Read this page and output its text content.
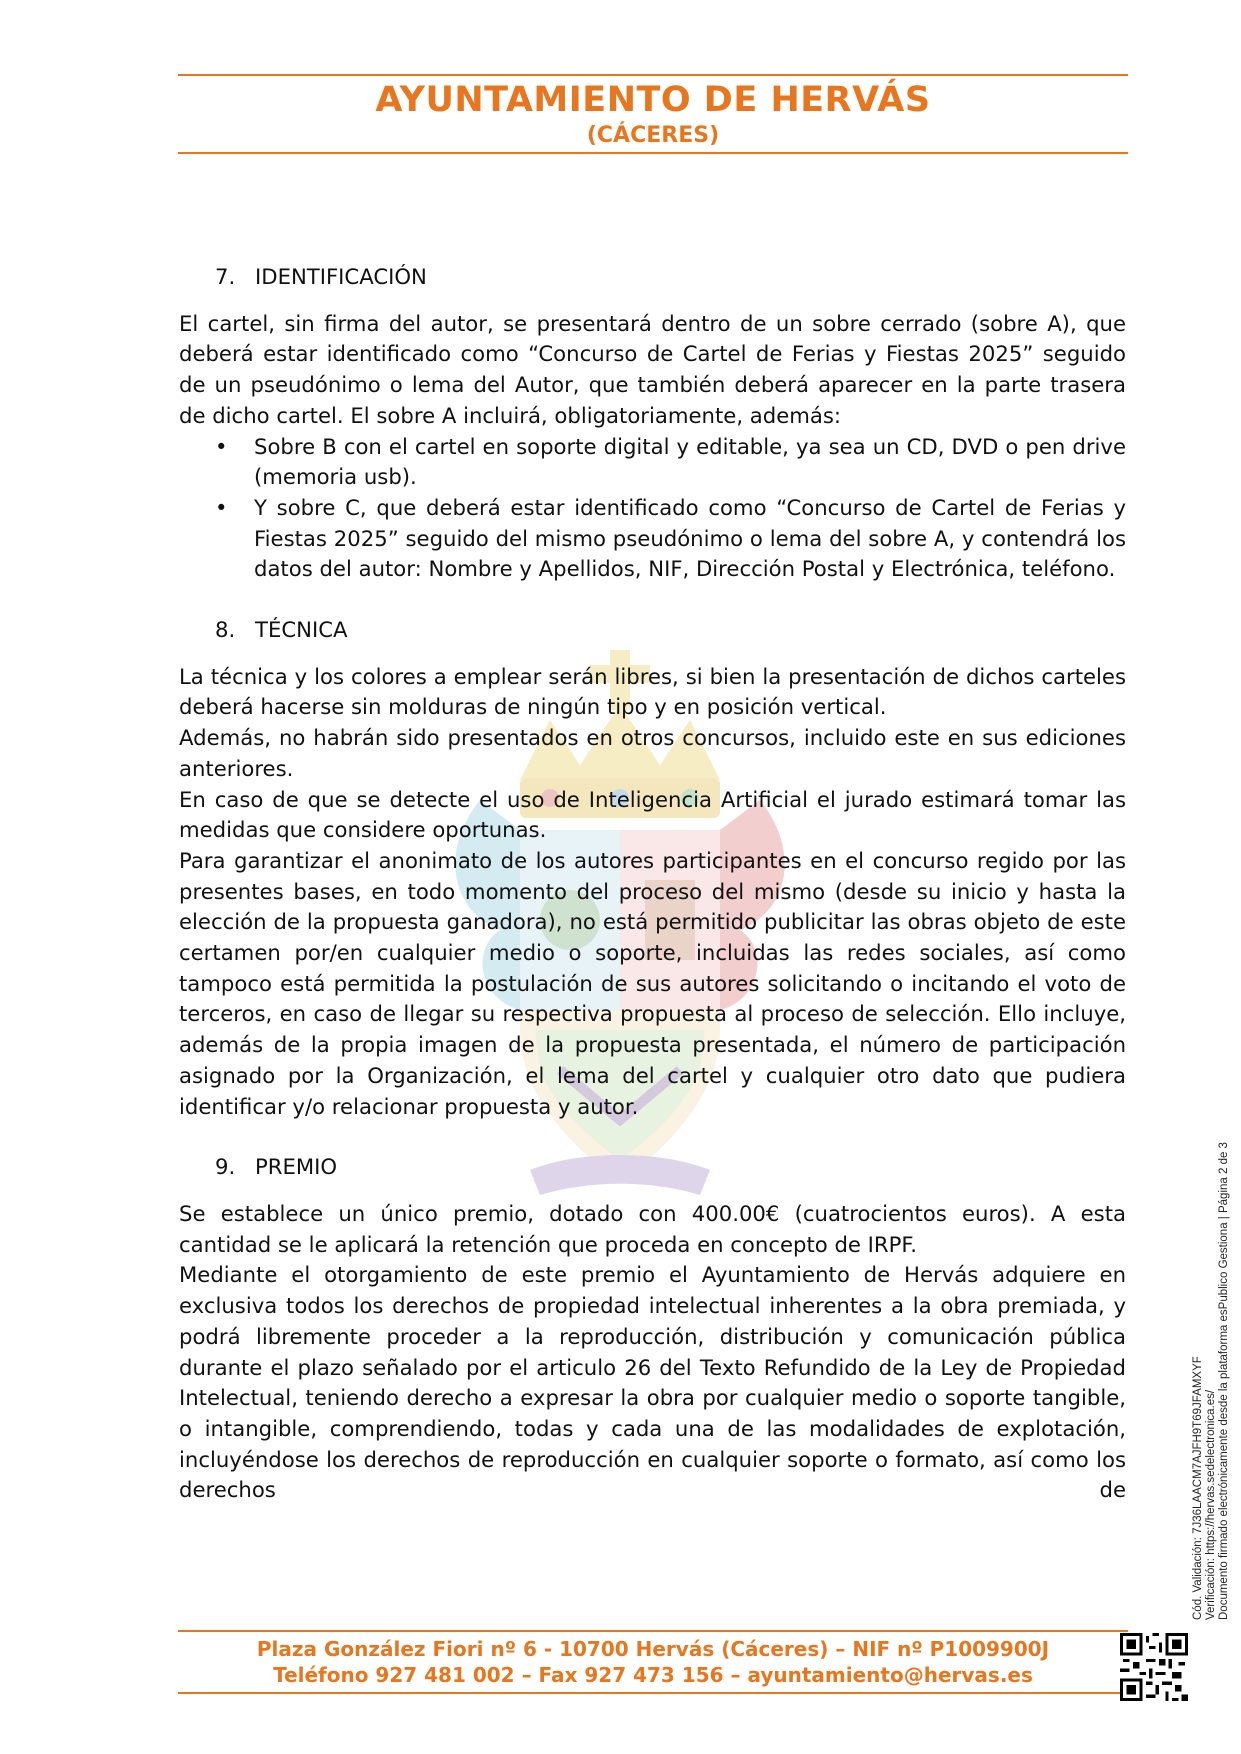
AYUNTAMIENTO DE HERVÁS
(CÁCERES)
7. IDENTIFICACIÓN

El cartel, sin firma del autor, se presentará dentro de un sobre cerrado (sobre A), que deberá estar identificado como “Concurso de Cartel de Ferias y Fiestas 2025” seguido de un pseudónimo o lema del Autor, que también deberá aparecer en la parte trasera de dicho cartel. El sobre A incluirá, obligatoriamente, además:

• Sobre B con el cartel en soporte digital y editable, ya sea un CD, DVD o pen drive (memoria usb).
• Y sobre C, que deberá estar identificado como “Concurso de Cartel de Ferias y Fiestas 2025” seguido del mismo pseudónimo o lema del sobre A, y contendrá los datos del autor: Nombre y Apellidos, NIF, Dirección Postal y Electrónica, teléfono.
8. TÉCNICA

La técnica y los colores a emplear serán libres, si bien la presentación de dichos carteles deberá hacerse sin molduras de ningún tipo y en posición vertical.

Además, no habrán sido presentados en otros concursos, incluido este en sus ediciones anteriores.

En caso de que se detecte el uso de Inteligencia Artificial el jurado estimará tomar las medidas que considere oportunas.

Para garantizar el anonimato de los autores participantes en el concurso regido por las presentes bases, en todo momento del proceso del mismo (desde su inicio y hasta la elección de la propuesta ganadora), no está permitido publicitar las obras objeto de este certamen por/en cualquier medio o soporte, incluidas las redes sociales, así como tampoco está permitida la postulación de sus autores solicitando o incitando el voto de terceros, en caso de llegar su respectiva propuesta al proceso de selección. Ello incluye, además de la propia imagen de la propuesta presentada, el número de participación asignado por la Organización, el lema del cartel y cualquier otro dato que pudiera identificar y/o relacionar propuesta y autor.

9. PREMIO

Se establece un único premio, dotado con 400.00€ (cuatrocientos euros). A esta cantidad se le aplicará la retención que proceda en concepto de IRPF.

Mediante el otorgamiento de este premio el Ayuntamiento de Hervás adquiere en exclusiva todos los derechos de propiedad intelectual inherentes a la obra premiada, y podrá libremente proceder a la reproducción, distribución y comunicación pública durante el plazo señalado por el articulo 26 del Texto Refundido de la Ley de Propiedad Intelectual, teniendo derecho a expresar la obra por cualquier medio o soporte tangible, o intangible, comprendiendo, todas y cada una de las modalidades de explotación, incluyéndose los derechos de reproducción en cualquier soporte o formato, así como los derechos de

Plaza González Fiori nº 6 - 10700 Hervás (Cáceres) – NIF nº P1009900J
Teléfono 927 481 002 – Fax 927 473 156 – ayuntamiento@hervas.es
Cód. Validación: 7J36LAACM7AJFH9T69JFAMXYF Verificación: https://hervas.sedelectronica.es/ Documento firmado electrónicamente desde la plataforma esPublico Gestiona | Página 2 de 3
